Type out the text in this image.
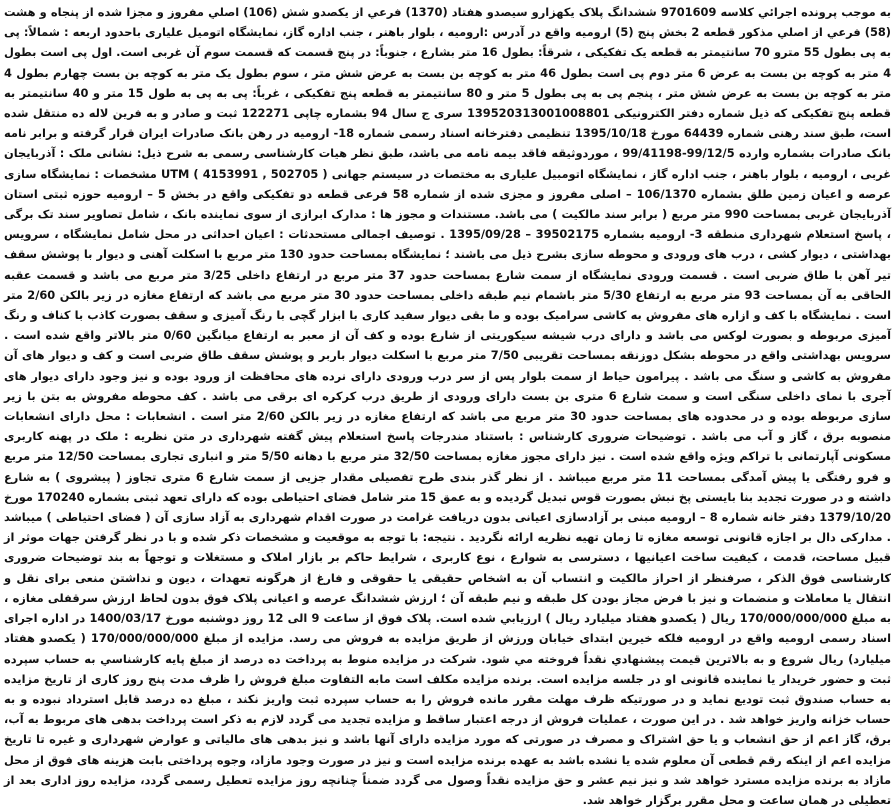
به موجب پرونده اجرائي کلاسه 9701609 ششدانگ پلاک يکهزارو سيصدو هفتاد (1370) فرعي از يکصدو شش (106) اصلي مفروز و مجزا شده از پنجاه و هشت (58) فرعي از اصلي مذکور قطعه 2 بخش پنج (5) اروميه واقع در آدرس :اروميه ، بلوار باهنر ، جنب اداره گاز، نمايشگاه اتوميل عليارى باحدود اربعه : شمالاً: پی به پی بطول 55 مترو 70 سانتیمتر به قطعه یک تفکیکی ، شرقاً: بطول 16 متر بشارع ، جنوباً: در پنج قسمت که قسمت سوم آن غربی است. اول پی است بطول 4 متر به کوچه بن بست به عرض 6 متر دوم پی است بطول 46 متر به کوچه بن بست به عرض شش متر ، سوم بطول یک متر به کوچه بن بست چهارم بطول 4 متر به کوچه بن بست به عرض شش متر ، پنجم پی به پی بطول 5 متر و 80 سانتیمتر به قطعه پنج تفکیکی ، غرباً: پی به پی به طول 15 متر و 40 سانتیمتر به قطعه پنج تفکیکی که ذیل شماره دفتر الکترونیکی 139520313001008801 سری ج سال 94 بشماره چاپی 122271 ثبت و صادر و به فرین لاله ده منتقل شده است، طبق سند رهنی شماره 64439 مورخ 1395/10/18 تنظیمی دفترخانه اسناد رسمی شماره 18- ارومیه در رهن بانک صادرات ایران قرار گرفته و برابر نامه بانک صادرات بشماره وارده 99/12/5-99/41198 ، موردوثیقه فاقد بیمه نامه می باشد، طبق نظر هیات کارشناسی رسمی به شرح ذیل: نشانی ملک : آذربایجان غربی ، ارومیه ، بلوار باهنر ، جنب اداره گاز ، نمایشگاه اتومبیل علیاری به مختصات در سیستم جهانی ( UTM ( 4153991 , 502705 مشخصات : نمایشگاه سازی عرصه و اعیان زمین طلق بشماره 106/1370 – اصلی مفروز و مجزی شده از شماره 58 فرعی قطعه دو تفکیکی واقع در بخش 5 – ارومیه حوزه ثبتی استان آذربایجان غربی بمساحت 990 متر مربع ( برابر سند مالکیت ) می باشد. مستندات و مجوز ها : مدارک ابرازی از سوی نماینده بانک ، شامل تصاویر سند تک برگی ، پاسخ استعلام شهرداری منطقه 3- ارومیه بشماره 39502175 – 1395/09/28 . توصیف اجمالی مستحدثات : اعیان احداثی در محل شامل نمایشگاه ، سرویس بهداشتی ، دیوار کشی ، درب های ورودی و محوطه سازی بشرح ذیل می باشند ؛ نمایشگاه بمساحت حدود 130 متر مربع با اسکلت آهنی و دیوار با پوشش سقف تیر آهن با طاق ضربی است . قسمت ورودی نمایشگاه از سمت شارع بمساحت حدود 37 متر مربع در ارتفاع داخلی 3/25 متر مربع می باشد و قسمت عقبه الحاقی به آن بمساحت 93 متر مربع به ارتفاع 5/30 متر باشمام نیم طبقه داخلی بمساحت حدود 30 متر مربع می باشد که ارتفاع مغازه در زیر بالکن 2/60 متر است . نمایشگاه با کف و ازاره های مفروش به کاشی سرامیک بوده و ما بقی دیوار سفید کاری با ابزار گچی با رنگ آمیزی و سقف بصورت کاذب با کناف و رنگ آمیزی مربوطه و بصورت لوکس می باشد و دارای درب شیشه سیکوریتی از شارع بوده و کف آن از معبر به ارتفاع میانگین 0/60 متر بالاتر واقع شده است . سرویس بهداشتی واقع در محوطه بشکل دوزنقه بمساحت تقریبی 7/50 متر مربع با اسکلت دیوار باربر و پوشش سقف طاق ضربی است و کف و دیوار های آن مفروش به کاشی و سنگ می باشد . پیرامون حیاط از سمت بلوار پس از سر درب ورودی دارای نرده های محافظت از ورود بوده و نیز وجود دارای دیوار های آجری با نمای داخلی سنگی است و سمت شارع 6 متری بن بست دارای ورودی از طریق درب کرکره ای برقی می باشد . کف محوطه مفروش به بتن با زیر سازی مربوطه بوده و در محدوده های بمساحت حدود 30 متر مربع می باشد که ارتفاع مغازه در زیر بالکن 2/60 متر است . انشعابات : محل دارای انشعابات منصوبه برق ، گاز و آب می باشد . توضیحات ضروری کارشناس : باستناد مندرجات پاسخ استعلام پیش گفته شهرداری در متن نظریه : ملک در پهنه کاربری مسکونی آپارتمانی با تراکم ویژه واقع شده است . نیز دارای مجوز مغازه بمساحت 32/50 متر مربع با دهانه 5/50 متر و انباری تجاری بمساحت 12/50 متر مربع و فرو رفتگی یا پیش آمدگی بمساحت 11 متر مربع میباشد . از نظر گذر بندی طرح تفصیلی مقدار جزیی از سمت شارع 6 متری تجاوز ( پیشروی ) به شارع داشته و در صورت تجدید بنا بایستی پخ نبش بصورت قوس تبدیل گردیده و به عمق 15 متر شامل فضای احتیاطی بوده که دارای تعهد ثبتی بشماره 170240 مورخ 1379/10/20 دفتر خانه شماره 8 – ارومیه مبنی بر آزادسازی اعیانی بدون دریافت غرامت در صورت اقدام شهرداری به آزاد سازی آن ( فضای احتیاطی ) میباشد . مدارکی دال بر اجازه قانونی توسعه مغازه تا زمان تهیه نظریه ارائه نگردید . نتیجه: با توجه به موقعیت و مشخصات ذکر شده و با در نظر گرفتن جهات موثر از قبیل مساحت، قدمت ، کیفیت ساخت اعیانیها ، دسترسی به شوارع ، نوع کاربری ، شرایط حاکم بر بازار املاک و مستغلات و توجهاً به بند توضیحات ضروری کارشناسی فوق الذکر ، صرفنظر از احراز مالکیت و انتساب آن به اشخاص حقیقی یا حقوقی و فارغ از هرگونه تعهدات ، دیون و نداشتن منعی برای نقل و انتقال یا معاملات و منضمات و نیز با فرض مجاز بودن کل طبقه و نیم طبقه آن ؛ ارزش ششدانگ عرصه و اعیانی پلاک فوق بدون لحاظ ارزش سرقفلی مغازه ، به مبلغ 170/000/000/000 ريال ( يکصدو هفتاد ميليارد ريال ) ارزيابي شده است. پلاک فوق از ساعت 9 الی 12 روز دوشنبه مورخ 1400/03/17 در اداره اجرای اسناد رسمی ارومیه واقع در ارومیه فلکه خیرین ابتدای خیابان ورزش از طریق مزایده به فروش می رسد. مزایده از مبلغ 170/000/000/000 ( يکصدو هفتاد ميليارد) ريال شروع و به بالاترين قيمت پيشنهادي نقداً فروخته مي شود. شرکت در مزايده منوط به پرداخت ده درصد از مبلغ پايه کارشناسي به حساب سپرده ثبت و حضور خریدار یا نماینده قانونی او در جلسه مزایده است. برنده مزایده مکلف است مابه التفاوت مبلغ فروش را ظرف مدت پنج روز کاری از تاریخ مزایده به حساب صندوق ثبت تودیع نماید و در صورتیکه ظرف مهلت مقرر مانده فروش را به حساب سپرده ثبت واریز نکند ، مبلغ ده درصد قابل استرداد نبوده و به حساب خزانه واریز خواهد شد . در این صورت ، عملیات فروش از درجه اعتبار ساقط و مزایده تجدید می گردد لازم به ذکر است پرداخت بدهی های مربوط به آب، برق، گاز اعم از حق انشعاب و یا حق اشتراک و مصرف در صورتی که مورد مزایده دارای آنها باشد و نیز بدهی های مالیاتی و عوارض شهرداری و غیره تا تاریخ مزایده اعم از اینکه رقم قطعی آن معلوم شده یا نشده باشد به عهده برنده مزایده است و نیز در صورت وجود مازاد، وجوه پرداختی بابت هزینه های فوق از محل مازاد به برنده مزایده مسترد خواهد شد و نیز نیم عشر و حق مزایده نقداً وصول می گردد ضمناً چنانچه روز مزایده تعطیل رسمی گردد، مزایده روز اداری بعد از تعطیلی در همان ساعت و محل مقرر برگزار خواهد شد.
